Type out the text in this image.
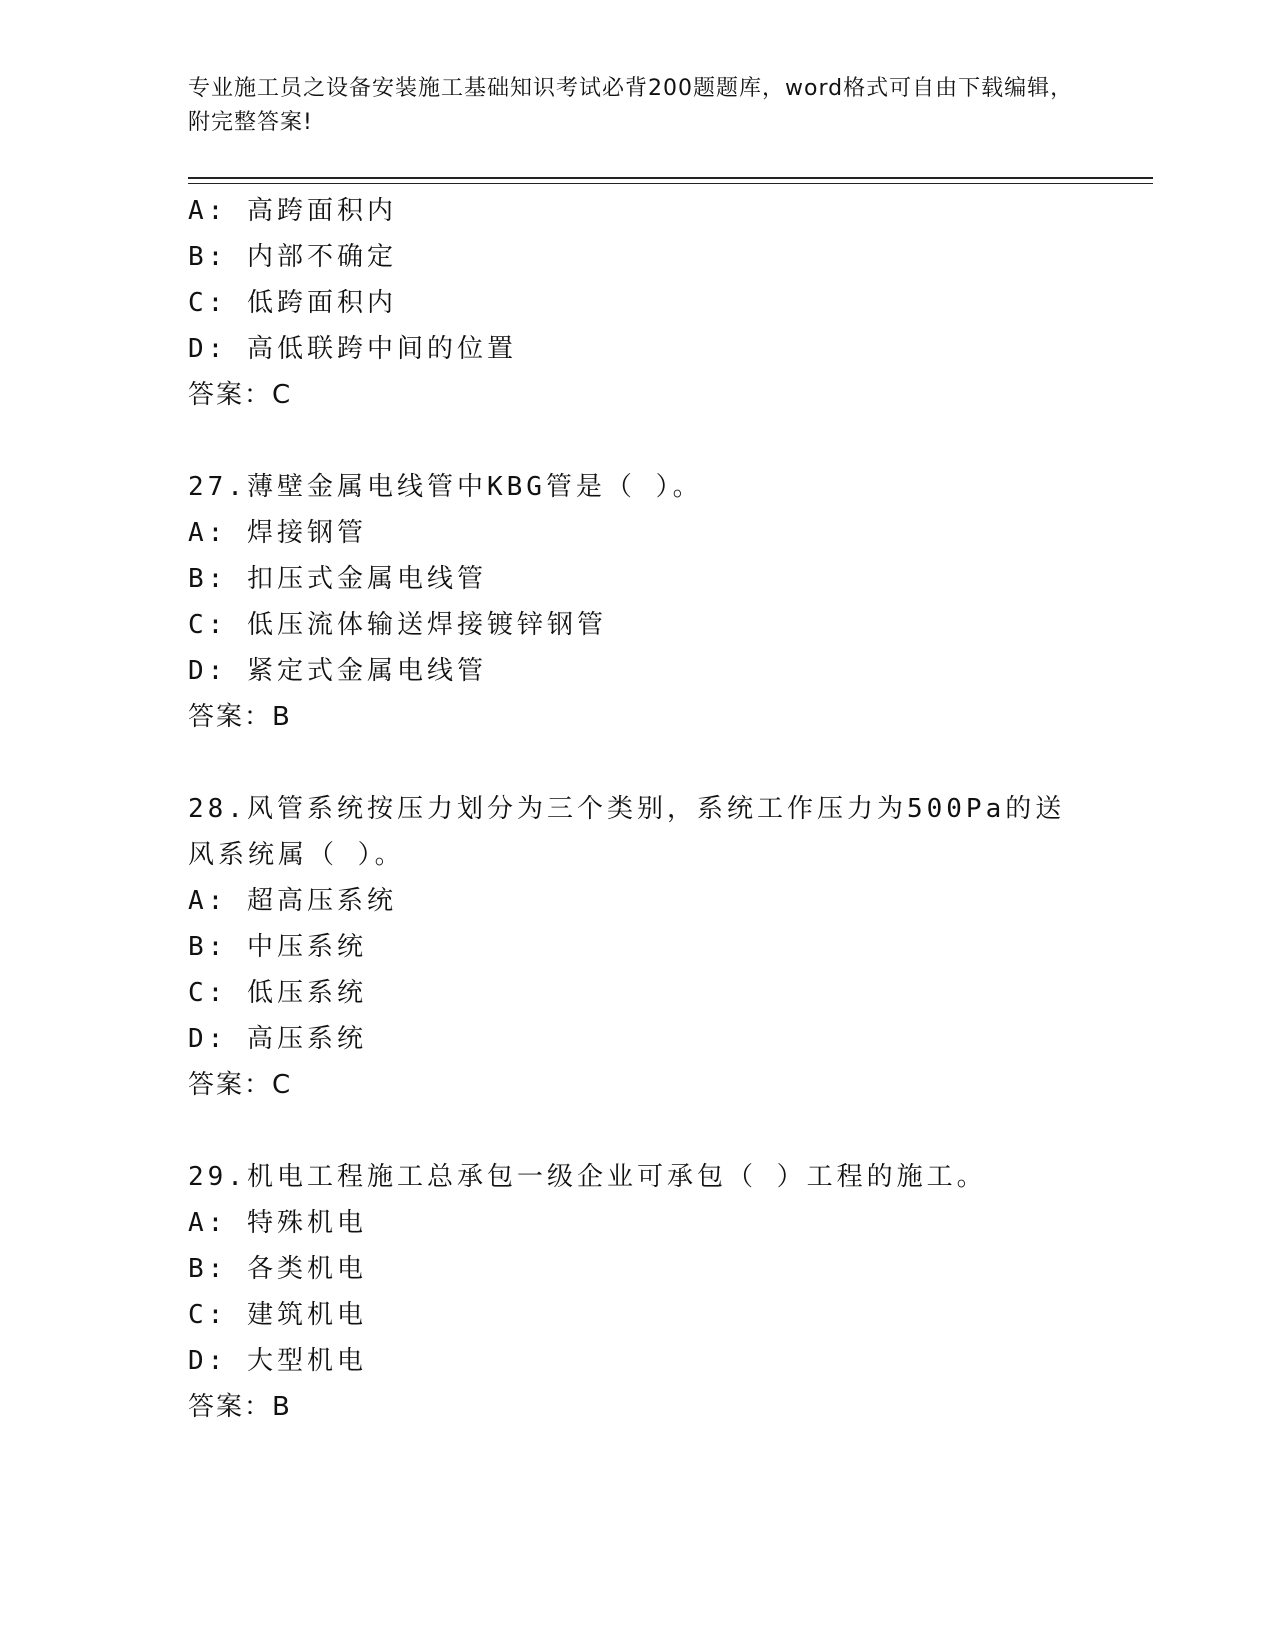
专业施工员之设备安装施工基础知识考试必背200题题库，word格式可自由下载编辑，附完整答案!
A: 高跨面积内
B: 内部不确定
C: 低跨面积内
D: 高低联跨中间的位置
答案：C
27.薄壁金属电线管中KBG管是（ ）。
A: 焊接钢管
B: 扣压式金属电线管
C: 低压流体输送焊接镀锌钢管
D: 紧定式金属电线管
答案：B
28.风管系统按压力划分为三个类别，系统工作压力为500Pa的送风系统属（ ）。
A: 超高压系统
B: 中压系统
C: 低压系统
D: 高压系统
答案：C
29.机电工程施工总承包一级企业可承包（ ）工程的施工。
A: 特殊机电
B: 各类机电
C: 建筑机电
D: 大型机电
答案：B
